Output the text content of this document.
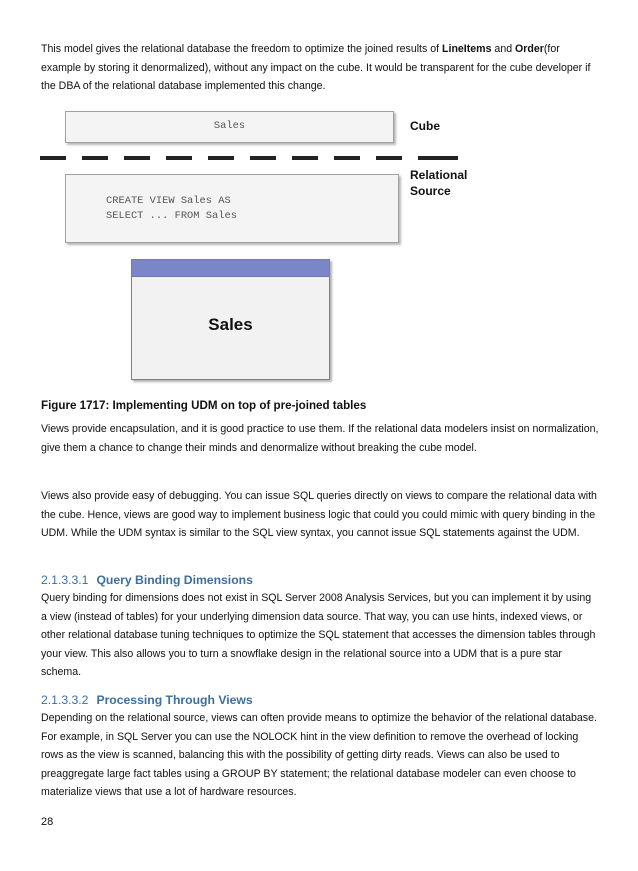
This model gives the relational database the freedom to optimize the joined results of LineItems and Order(for example by storing it denormalized), without any impact on the cube. It would be transparent for the cube developer if the DBA of the relational database implemented this change.
Sales	Cube
Relational
Source
CREATE VIEW Sales AS
SELECT ... FROM Sales
Sales
Figure 1717: Implementing UDM on top of pre-joined tables
Views provide encapsulation, and it is good practice to use them. If the relational data modelers insist on normalization, give them a chance to change their minds and denormalize without breaking the cube model.
Views also provide easy of debugging. You can issue SQL queries directly on views to compare the relational data with the cube. Hence, views are good way to implement business logic that could you could mimic with query binding in the UDM. While the UDM syntax is similar to the SQL view syntax, you cannot issue SQL statements against the UDM.
2.1.3.3.1 Query Binding Dimensions
Query binding for dimensions does not exist in SQL Server 2008 Analysis Services, but you can implement it by using a view (instead of tables) for your underlying dimension data source. That way, you can use hints, indexed views, or other relational database tuning techniques to optimize the SQL statement that accesses the dimension tables through your view. This also allows you to turn a snowflake design in the relational source into a UDM that is a pure star schema.
2.1.3.3.2 Processing Through Views
Depending on the relational source, views can often provide means to optimize the behavior of the relational database. For example, in SQL Server you can use the NOLOCK hint in the view definition to remove the overhead of locking rows as the view is scanned, balancing this with the possibility of getting dirty reads. Views can also be used to preaggregate large fact tables using a GROUP BY statement; the relational database modeler can even choose to materialize views that use a lot of hardware resources.
28
